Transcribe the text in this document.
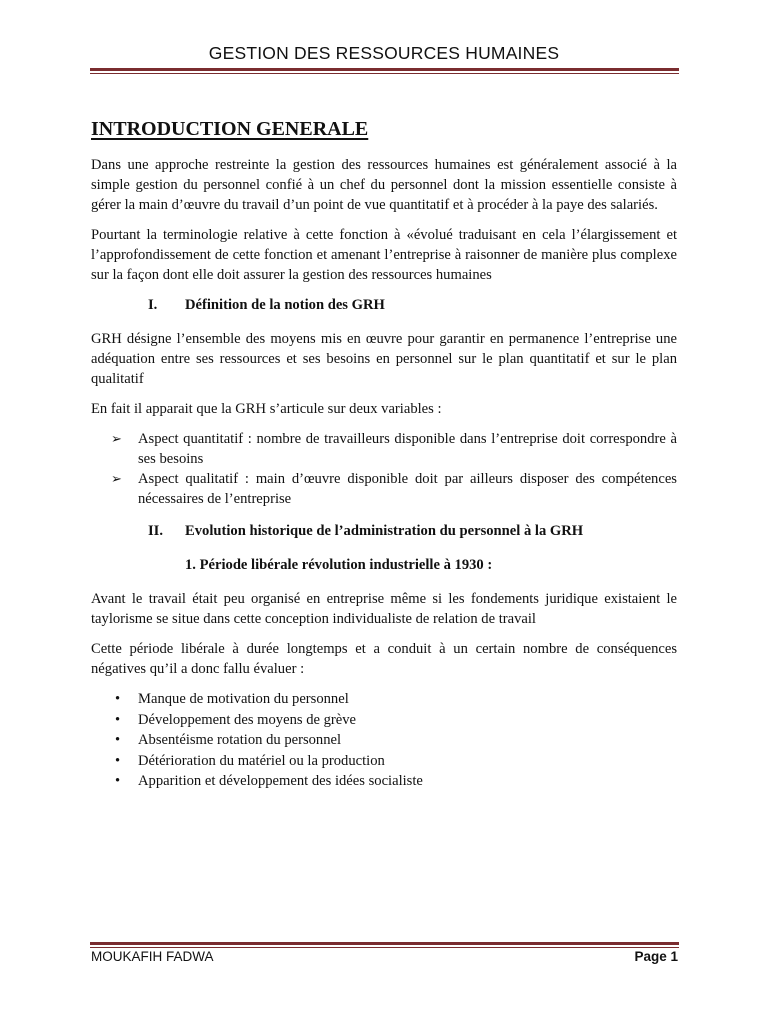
GESTION DES RESSOURCES HUMAINES
INTRODUCTION GENERALE

Dans une approche restreinte la gestion des ressources humaines est généralement associé à la simple gestion du personnel confié à un chef du personnel dont la mission essentielle consiste à gérer la main d’œuvre du travail d’un point de vue quantitatif et à procéder à la paye des salariés.

Pourtant la terminologie relative à cette fonction à «évolué traduisant en cela l’élargissement et l’approfondissement de cette fonction et amenant l’entreprise à raisonner de manière plus complexe sur la façon dont elle doit assurer la gestion des ressources humaines

I.	Définition de la notion des GRH

GRH désigne l’ensemble des moyens mis en œuvre pour garantir en permanence l’entreprise une adéquation entre ses ressources et ses besoins en personnel sur le plan quantitatif et sur le plan qualitatif

En fait il apparait que la GRH s’articule sur deux variables :

➢ Aspect quantitatif : nombre de travailleurs disponible dans l’entreprise doit correspondre à ses besoins
➢ Aspect qualitatif : main d’œuvre disponible doit par ailleurs disposer des compétences nécessaires de l’entreprise
II.	Evolution historique de l’administration du personnel à la GRH
1. Période libérale révolution industrielle à 1930 :

Avant le travail était peu organisé en entreprise même si les fondements juridique existaient le taylorisme se situe dans cette conception individualiste de relation de travail

Cette période libérale à durée longtemps et a conduit à un certain nombre de conséquences négatives qu’il a donc fallu évaluer :

• Manque de motivation du personnel
• Développement des moyens de grève
• Absentéisme rotation du personnel
• Détérioration du matériel ou la production
• Apparition et développement des idées socialiste
MOUKAFIH FADWA	Page 1
